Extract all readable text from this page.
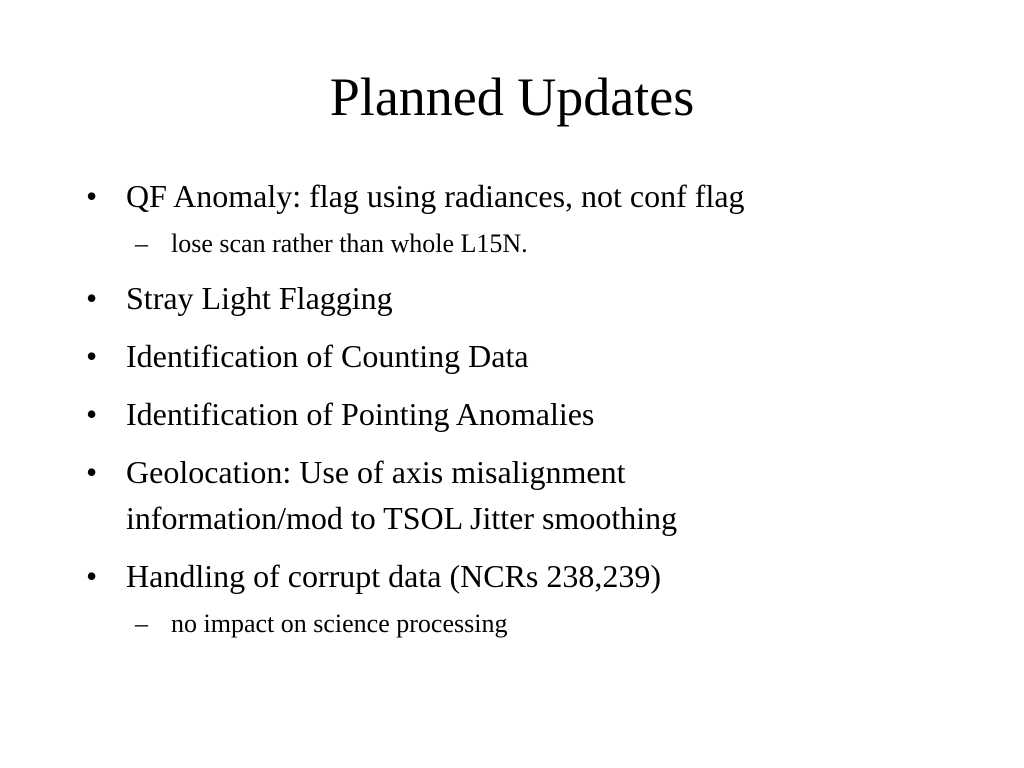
Planned Updates
• QF Anomaly: flag using radiances, not conf flag
– lose scan rather than whole L15N.
• Stray Light Flagging
• Identification of Counting Data
• Identification of Pointing Anomalies
• Geolocation: Use of axis misalignment
information/mod to TSOL Jitter smoothing
• Handling of corrupt data (NCRs 238,239)
– no impact on science processing
